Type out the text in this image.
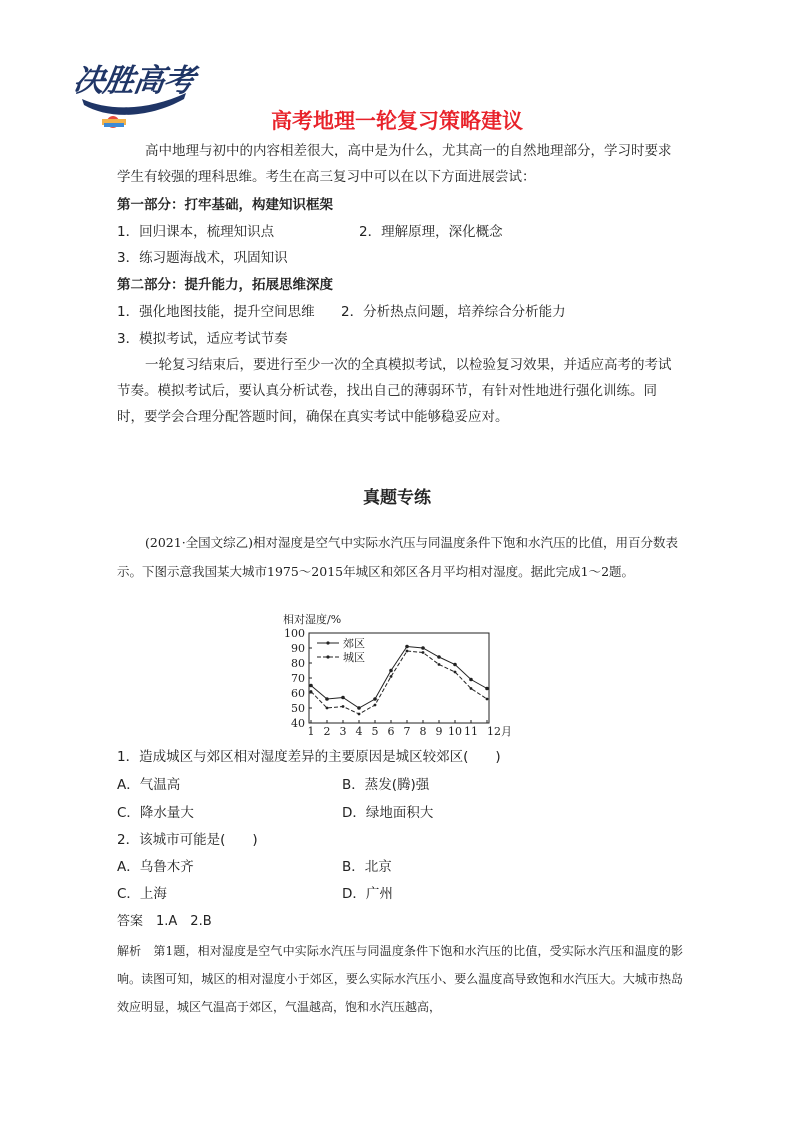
决胜高考
高考地理一轮复习策略建议
高中地理与初中的内容相差很大，高中是为什么，尤其高一的自然地理部分，学习时要求学生有较强的理科思维。考生在高三复习中可以在以下方面进展尝试：
第一部分：打牢基础，构建知识框架
1．回归课本，梳理知识点	2．理解原理，深化概念
3．练习题海战术，巩固知识
第二部分：提升能力，拓展思维深度
1．强化地图技能，提升空间思维 2．分析热点问题，培养综合分析能力
3．模拟考试，适应考试节奏
一轮复习结束后，要进行至少一次的全真模拟考试，以检验复习效果，并适应高考的考试节奏。模拟考试后，要认真分析试卷，找出自己的薄弱环节，有针对性地进行强化训练。同时，要学会合理分配答题时间，确保在真实考试中能够稳妥应对。
真题专练
(2021·全国文综乙)相对湿度是空气中实际水汽压与同温度条件下饱和水汽压的比值，用百分数表示。下图示意我国某大城市1975～2015年城区和郊区各月平均相对湿度。据此完成1～2题。
相对湿度/%
40
50
60
70
80
90
100
1 2 3 4 5 6 7 8 9 10 11 12月
郊区
城区
1．造成城区与郊区相对湿度差异的主要原因是城区较郊区(　　)
A．气温高	B．蒸发(腾)强
C．降水量大	D．绿地面积大
2．该城市可能是(　　)
A．乌鲁木齐	B．北京
C．上海	D．广州
答案　1.A　2.B
解析　第1题，相对湿度是空气中实际水汽压与同温度条件下饱和水汽压的比值，受实际水汽压和温度的影响。读图可知，城区的相对湿度小于郊区，要么实际水汽压小、要么温度高导致饱和水汽压大。大城市热岛效应明显，城区气温高于郊区，气温越高，饱和水汽压越高，
